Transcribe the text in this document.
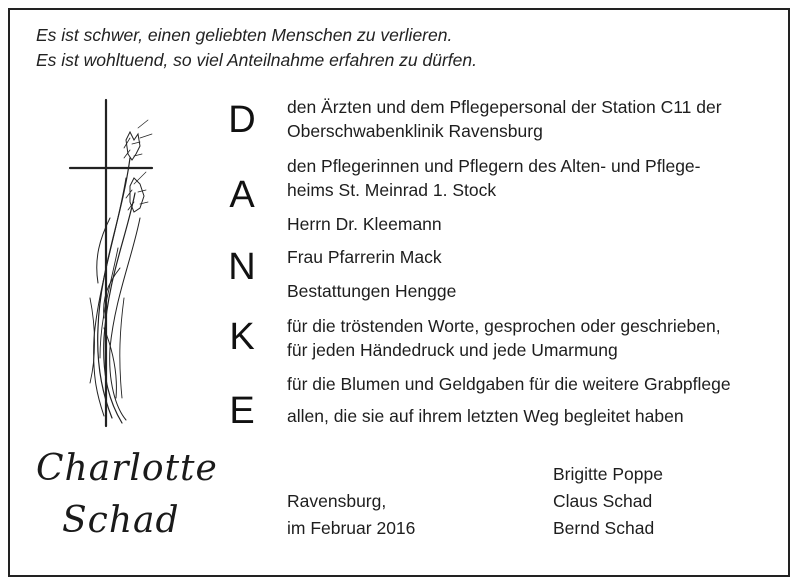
Es ist schwer, einen geliebten Menschen zu verlieren.
Es ist wohltuend, so viel Anteilnahme erfahren zu dürfen.
D
A
N
K
E
den Ärzten und dem Pflegepersonal der Station C11 der
Oberschwabenklinik Ravensburg
den Pflegerinnen und Pflegern des Alten- und Pflege-
heims St. Meinrad 1. Stock
Herrn Dr. Kleemann
Frau Pfarrerin Mack
Bestattungen Hengge
für die tröstenden Worte, gesprochen oder geschrieben,
für jeden Händedruck und jede Umarmung
für die Blumen und Geldgaben für die weitere Grabpflege
allen, die sie auf ihrem letzten Weg begleitet haben
Charlotte
Schad	Ravensburg,
im Februar 2016
Brigitte Poppe
Claus Schad
Bernd Schad
